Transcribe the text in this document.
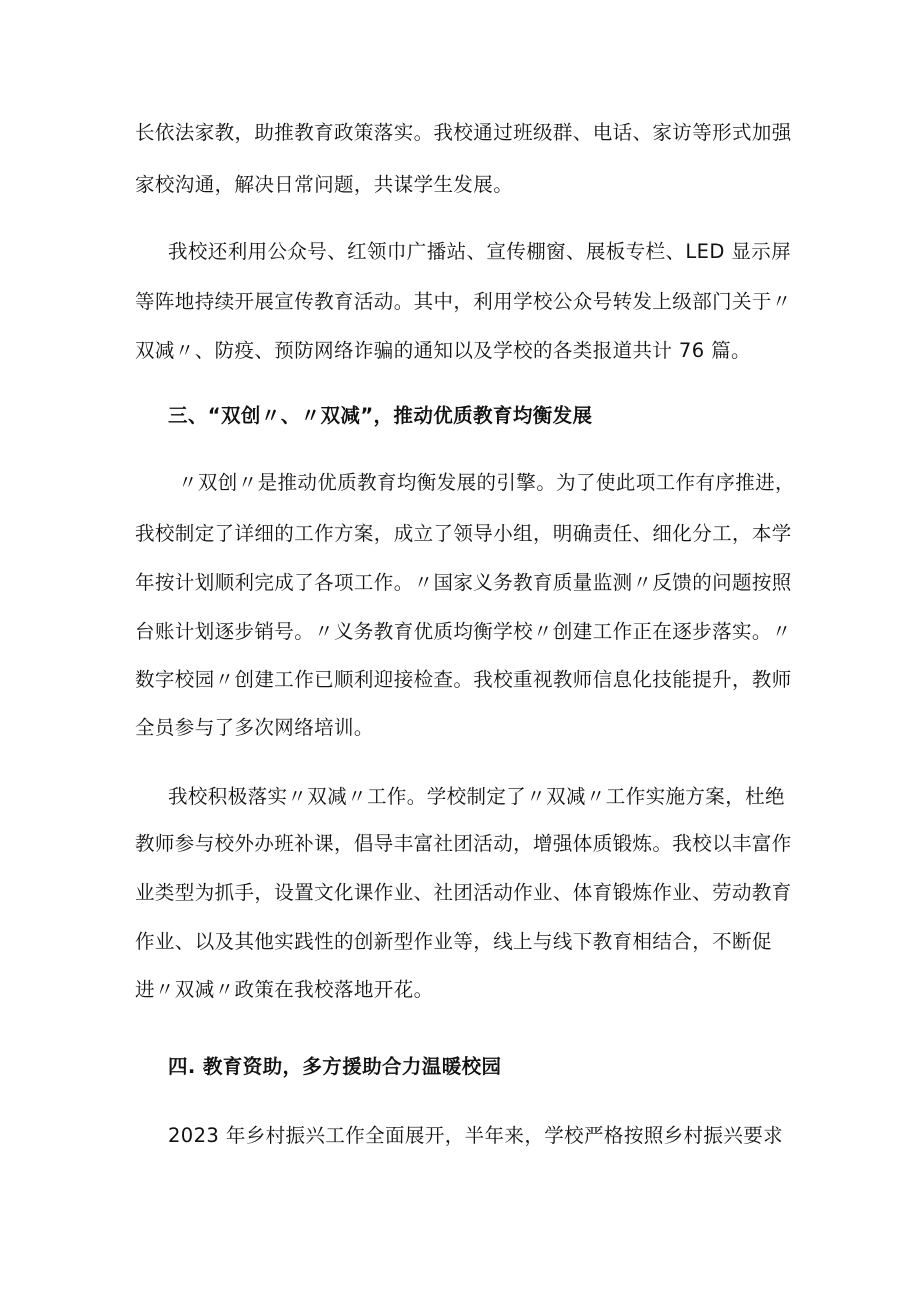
长依法家教，助推教育政策落实。我校通过班级群、电话、家访等形式加强
家校沟通，解决日常问题，共谋学生发展。
我校还利用公众号、红领巾广播站、宣传棚窗、展板专栏、LED 显示屏
等阵地持续开展宣传教育活动。其中，利用学校公众号转发上级部门关于〃
双减〃、防疫、预防网络诈骗的通知以及学校的各类报道共计 76 篇。
三、“双创〃、〃双减”，推动优质教育均衡发展
〃双创〃是推动优质教育均衡发展的引擎。为了使此项工作有序推进，
我校制定了详细的工作方案，成立了领导小组，明确责任、细化分工，本学
年按计划顺利完成了各项工作。〃国家义务教育质量监测〃反馈的问题按照
台账计划逐步销号。〃义务教育优质均衡学校〃创建工作正在逐步落实。〃
数字校园〃创建工作已顺利迎接检查。我校重视教师信息化技能提升，教师
全员参与了多次网络培训。
我校积极落实〃双减〃工作。学校制定了〃双减〃工作实施方案，杜绝
教师参与校外办班补课，倡导丰富社团活动，增强体质锻炼。我校以丰富作
业类型为抓手，设置文化课作业、社团活动作业、体育锻炼作业、劳动教育
作业、以及其他实践性的创新型作业等，线上与线下教育相结合，不断促
进〃双减〃政策在我校落地开花。
四. 教育资助，多方援助合力温暖校园
2023 年乡村振兴工作全面展开，半年来，学校严格按照乡村振兴要求
